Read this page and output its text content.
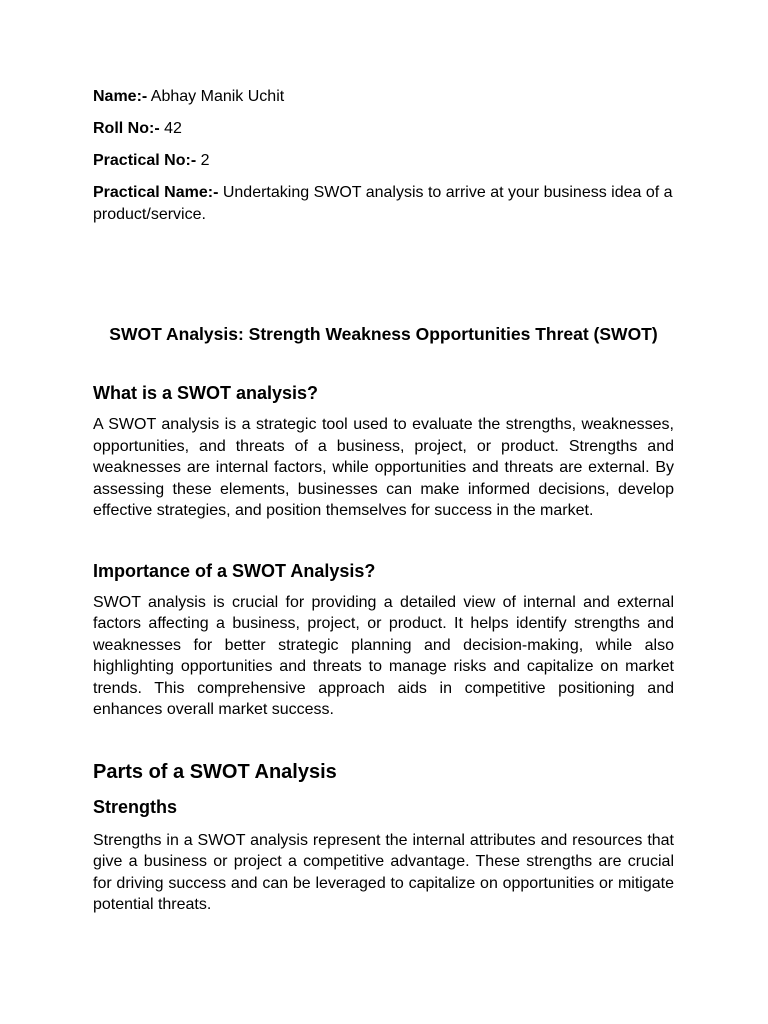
Name:- Abhay Manik Uchit
Roll No:- 42
Practical No:- 2
Practical Name:- Undertaking SWOT analysis to arrive at your business idea of a product/service.
SWOT Analysis: Strength Weakness Opportunities Threat (SWOT)
What is a SWOT analysis?

A SWOT analysis is a strategic tool used to evaluate the strengths, weaknesses, opportunities, and threats of a business, project, or product. Strengths and weaknesses are internal factors, while opportunities and threats are external. By assessing these elements, businesses can make informed decisions, develop effective strategies, and position themselves for success in the market.

Importance of a SWOT Analysis?

SWOT analysis is crucial for providing a detailed view of internal and external factors affecting a business, project, or product. It helps identify strengths and weaknesses for better strategic planning and decision-making, while also highlighting opportunities and threats to manage risks and capitalize on market trends. This comprehensive approach aids in competitive positioning and enhances overall market success.

Parts of a SWOT Analysis
Strengths

Strengths in a SWOT analysis represent the internal attributes and resources that give a business or project a competitive advantage. These strengths are crucial for driving success and can be leveraged to capitalize on opportunities or mitigate potential threats.
